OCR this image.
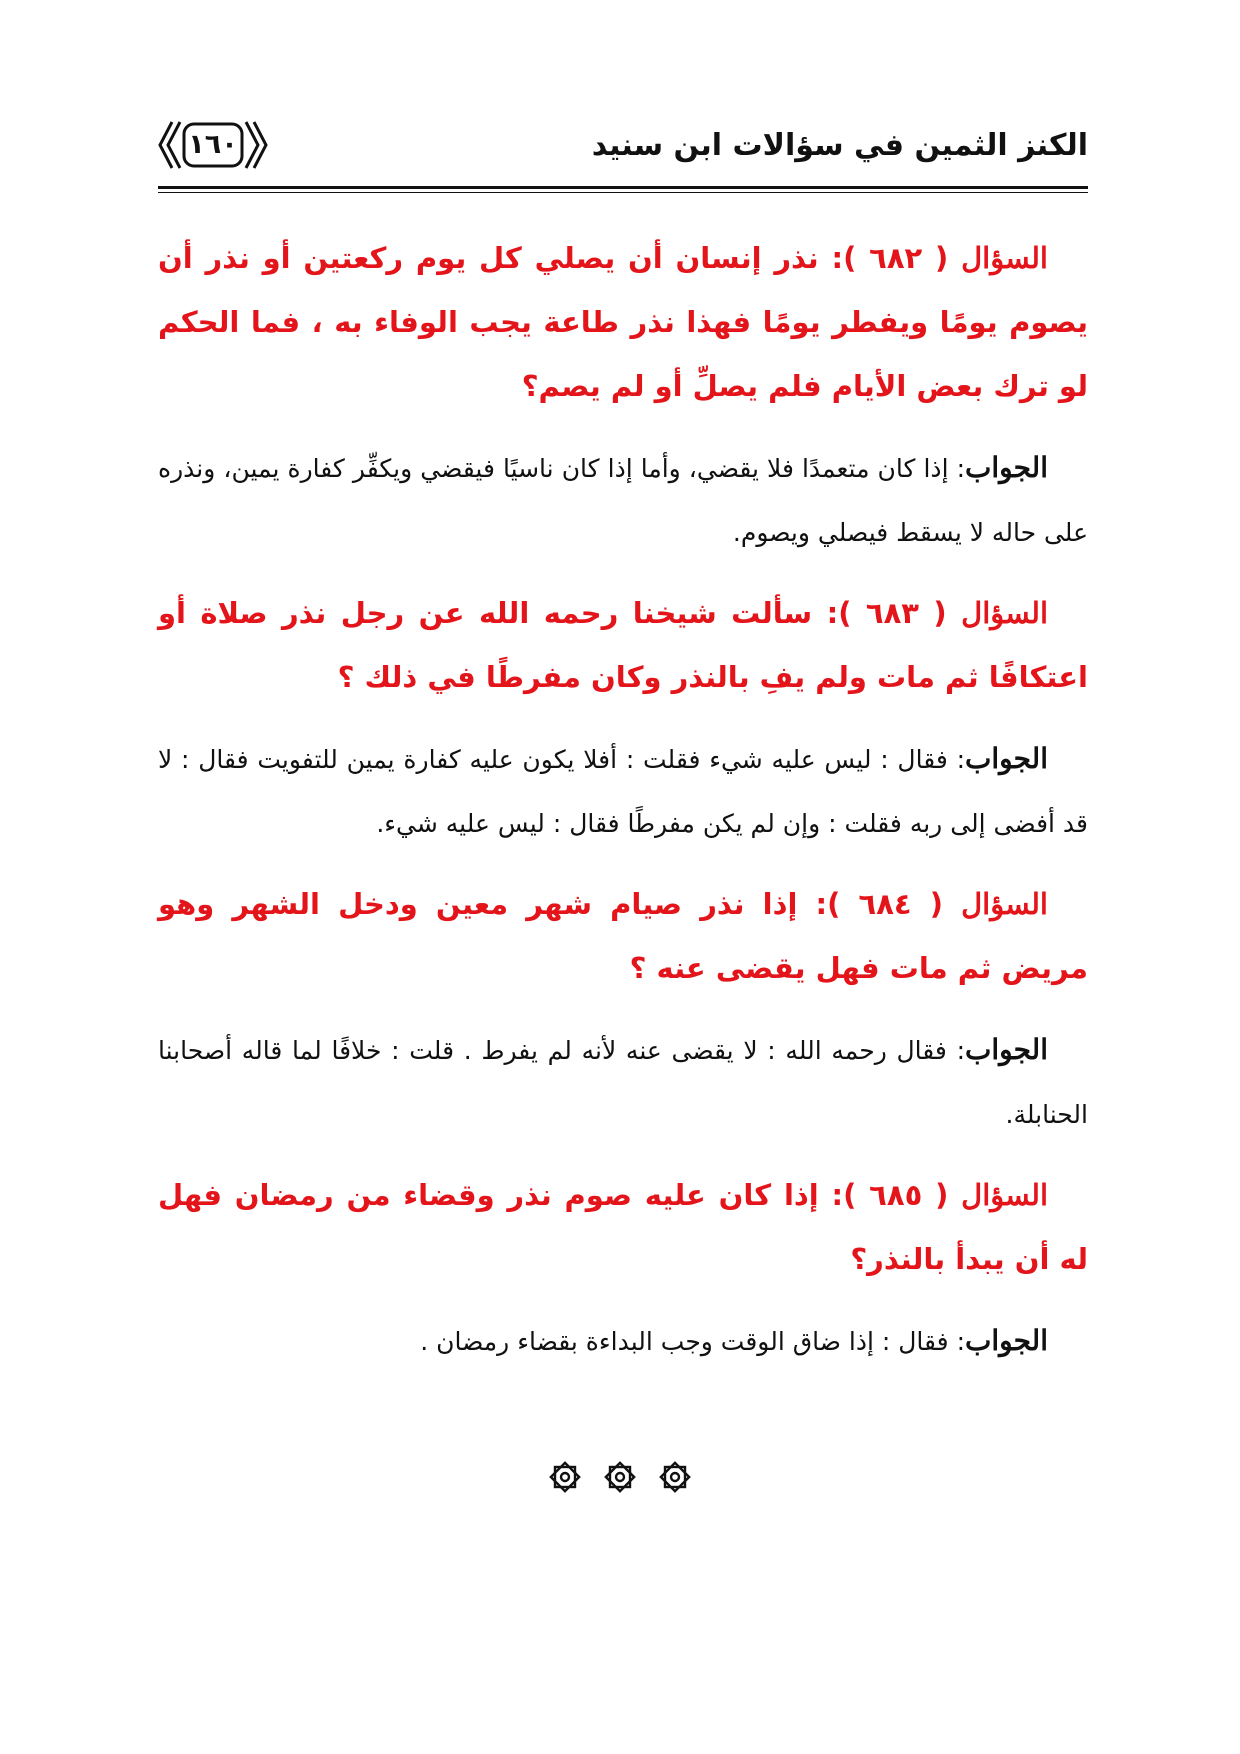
الكنز الثمين في سؤالات ابن سنيد
١٦٠

السؤال ( ٦٨٢ ): نذر إنسان أن يصلي كل يوم ركعتين أو نذر أن يصوم يومًا ويفطر يومًا فهذا نذر طاعة يجب الوفاء به ، فما الحكم لو ترك بعض الأيام فلم يصلِّ أو لم يصم؟

الجواب: إذا كان متعمدًا فلا يقضي، وأما إذا كان ناسيًا فيقضي ويكفِّر كفارة يمين، ونذره على حاله لا يسقط فيصلي ويصوم.

السؤال ( ٦٨٣ ): سألت شيخنا رحمه الله عن رجل نذر صلاة أو اعتكافًا ثم مات ولم يفِ بالنذر وكان مفرطًا في ذلك ؟

الجواب: فقال : ليس عليه شيء فقلت : أفلا يكون عليه كفارة يمين للتفويت فقال : لا قد أفضى إلى ربه فقلت : وإن لم يكن مفرطًا فقال : ليس عليه شيء.

السؤال ( ٦٨٤ ): إذا نذر صيام شهر معين ودخل الشهر وهو مريض ثم مات فهل يقضى عنه ؟

الجواب: فقال رحمه الله : لا يقضى عنه لأنه لم يفرط . قلت : خلافًا لما قاله أصحابنا الحنابلة.

السؤال ( ٦٨٥ ): إذا كان عليه صوم نذر وقضاء من رمضان فهل له أن يبدأ بالنذر؟

الجواب: فقال : إذا ضاق الوقت وجب البداءة بقضاء رمضان .
